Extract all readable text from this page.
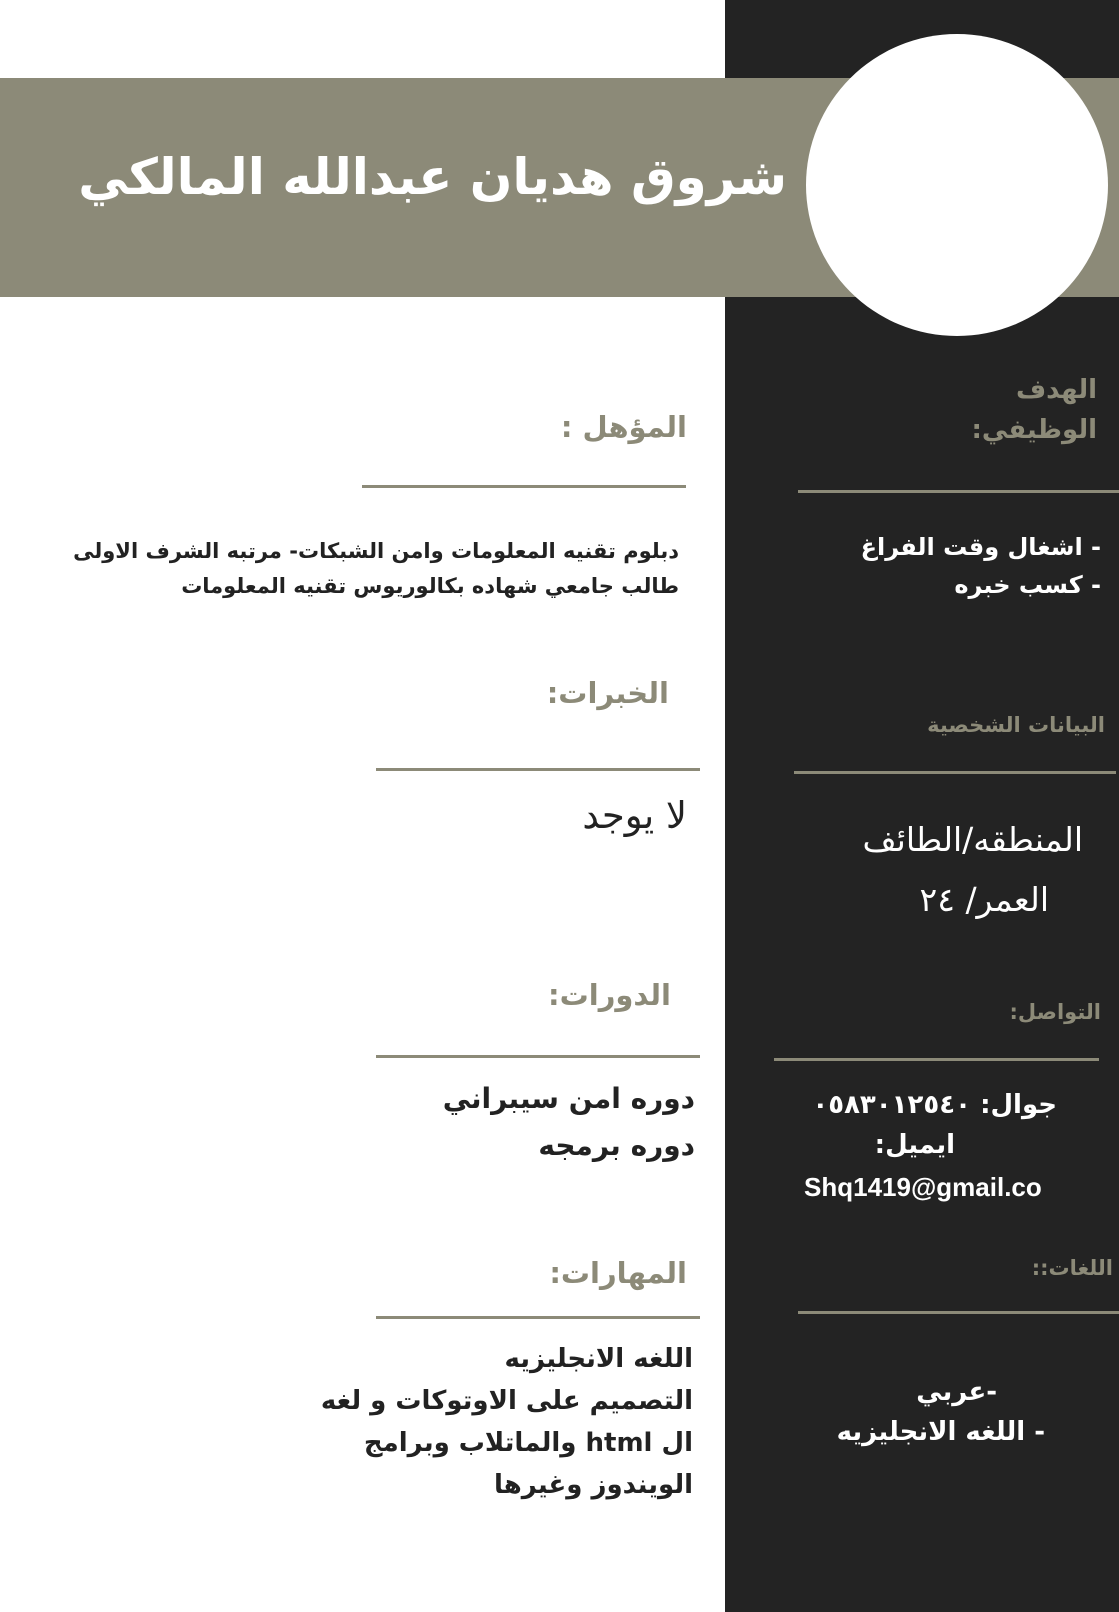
شروق هديان عبدالله المالكي
المؤهل :
دبلوم تقنيه المعلومات وامن الشبكات- مرتبه الشرف الاولى
طالب جامعي شهاده بكالوريوس تقنيه المعلومات
الخبرات:
لا يوجد
الدورات:
دوره امن سيبراني
دوره برمجه
المهارات:
اللغه الانجليزيه
التصميم على الاوتوكات و لغه
ال html والماتلاب وبرامج
الويندوز وغيرها
الهدف
الوظيفي:
- اشغال وقت الفراغ
- كسب خبره
البيانات الشخصية
المنطقه/الطائف
العمر/ ٢٤
التواصل:
جوال: ٠٥٨٣٠١٢٥٤٠
ايميل:
Shq1419@gmail.co
اللغات::
-عربي
- اللغه الانجليزيه
